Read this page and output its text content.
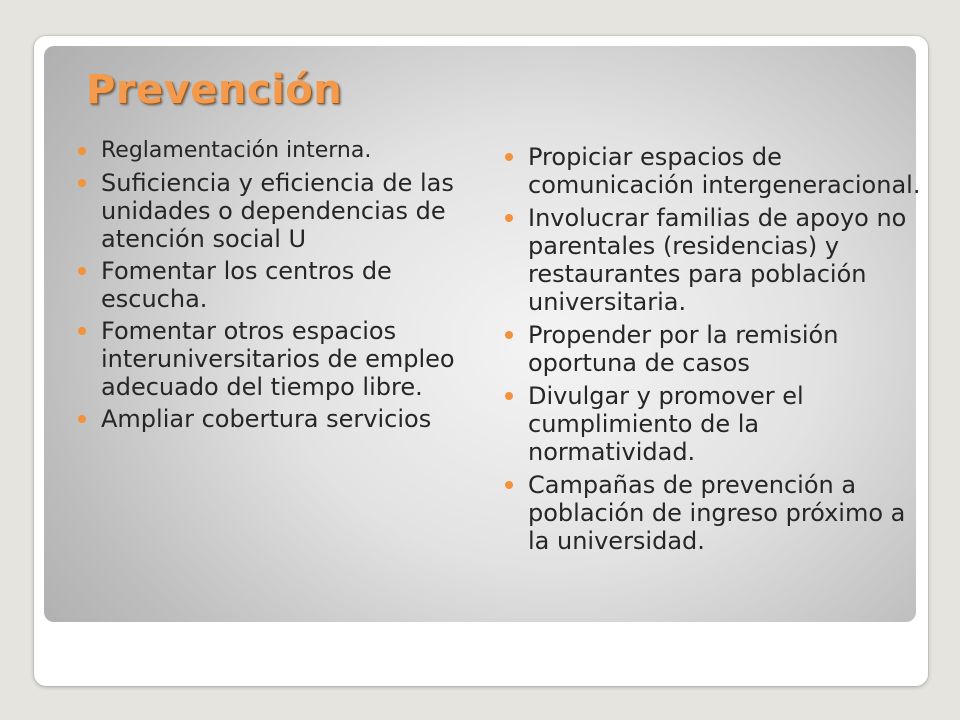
Prevención
Reglamentación interna.
Suficiencia y eficiencia de las unidades o dependencias de atención social U
Fomentar los centros de escucha.
Fomentar otros espacios interuniversitarios de empleo adecuado del tiempo libre.
Ampliar cobertura servicios
Propiciar espacios de comunicación intergeneracional.
Involucrar familias de apoyo no parentales (residencias) y restaurantes para población universitaria.
Propender por la remisión oportuna de casos
Divulgar y promover el cumplimiento de la normatividad.
Campañas de prevención a población de ingreso próximo a la universidad.
